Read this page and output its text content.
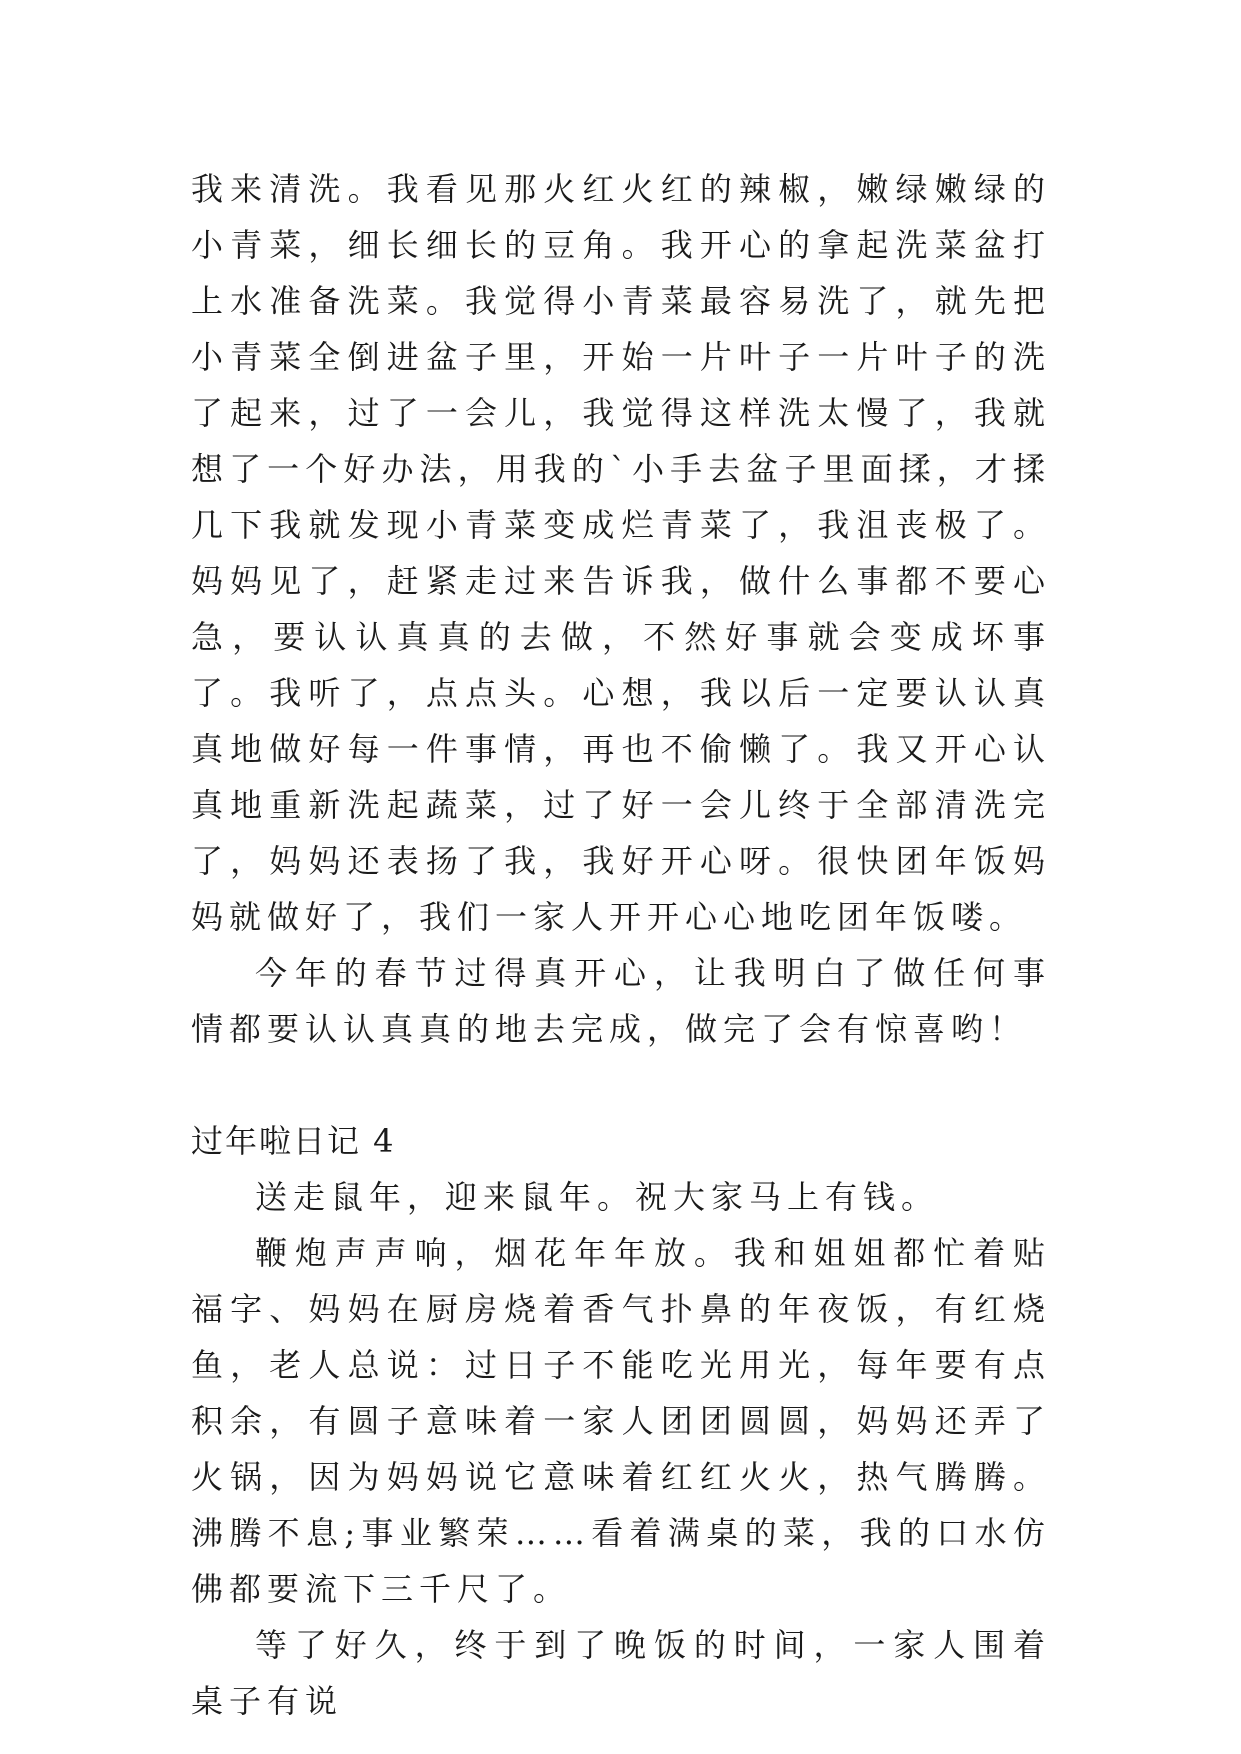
我来清洗。我看见那火红火红的辣椒，嫩绿嫩绿的小青菜，细长细长的豆角。我开心的拿起洗菜盆打上水准备洗菜。我觉得小青菜最容易洗了，就先把小青菜全倒进盆子里，开始一片叶子一片叶子的洗了起来，过了一会儿，我觉得这样洗太慢了，我就想了一个好办法，用我的`小手去盆子里面揉，才揉几下我就发现小青菜变成烂青菜了，我沮丧极了。妈妈见了，赶紧走过来告诉我，做什么事都不要心急，要认认真真的去做，不然好事就会变成坏事了。我听了，点点头。心想，我以后一定要认认真真地做好每一件事情，再也不偷懒了。我又开心认真地重新洗起蔬菜，过了好一会儿终于全部清洗完了，妈妈还表扬了我，我好开心呀。很快团年饭妈妈就做好了，我们一家人开开心心地吃团年饭喽。

今年的春节过得真开心，让我明白了做任何事情都要认认真真的地去完成，做完了会有惊喜哟！

过年啦日记 4

送走鼠年，迎来鼠年。祝大家马上有钱。

鞭炮声声响，烟花年年放。我和姐姐都忙着贴福字、妈妈在厨房烧着香气扑鼻的年夜饭，有红烧鱼，老人总说：过日子不能吃光用光，每年要有点积余，有圆子意味着一家人团团圆圆，妈妈还弄了火锅，因为妈妈说它意味着红红火火，热气腾腾。沸腾不息;事业繁荣……看着满桌的菜，我的口水仿佛都要流下三千尺了。

等了好久，终于到了晚饭的时间，一家人围着桌子有说
